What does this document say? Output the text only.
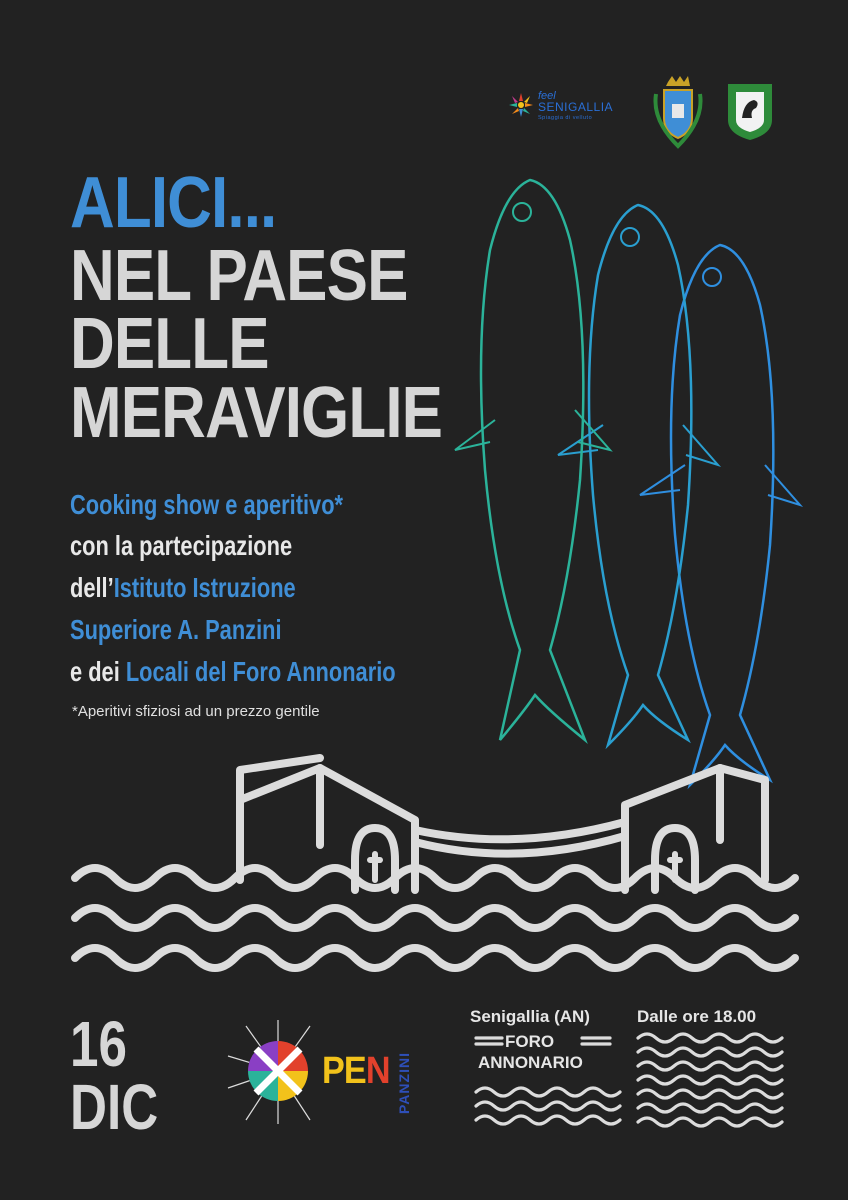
feel
SENIGALLIA
Spiaggia di velluto
ALICI...
NEL PAESE
DELLE
MERAVIGLIE
Cooking show e aperitivo*
con la partecipazione
dell’Istituto Istruzione
Superiore A. Panzini
e dei Locali del Foro Annonario
*Aperitivi sfiziosi ad un prezzo gentile
16
DIC	PEN PANZINI
Senigallia (AN)	Dalle ore 18.00
FORO
ANNONARIO
